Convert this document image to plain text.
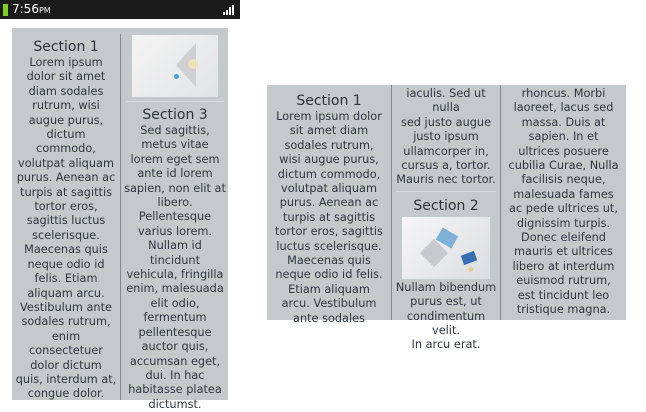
7:56PM
Section 1

Lorem ipsum
dolor sit amet
diam sodales
rutrum, wisi
augue purus,
dictum
commodo,
volutpat aliquam
purus. Aenean ac
turpis at sagittis
tortor eros,
sagittis luctus
scelerisque.
Maecenas quis
neque odio id
felis. Etiam
aliquam arcu.
Vestibulum ante
sodales rutrum,
enim
consectetuer
dolor dictum
quis, interdum at,
congue dolor.

Section 3

Sed sagittis,
metus vitae
lorem eget sem
ante id lorem
sapien, non elit at
libero.
Pellentesque
varius lorem.
Nullam id
tincidunt
vehicula, fringilla
enim, malesuada
elit odio,
fermentum
pellentesque
auctor quis,
accumsan eget,
dui. In hac
habitasse platea
dictumst.

Section 1

Lorem ipsum dolor
sit amet diam
sodales rutrum,
wisi augue purus,
dictum commodo,
volutpat aliquam
purus. Aenean ac
turpis at sagittis
tortor eros, sagittis
luctus scelerisque.
Maecenas quis
neque odio id felis.
Etiam aliquam
arcu. Vestibulum
ante sodales

iaculis. Sed ut nulla
sed justo augue
justo ipsum
ullamcorper in,
cursus a, tortor.
Mauris nec tortor.

Section 2

Nullam bibendum
purus est, ut
condimentum velit.
In arcu erat.

rhoncus. Morbi
laoreet, lacus sed
massa. Duis at
sapien. In et
ultrices posuere
cubilia Curae, Nulla
facilisis neque,
malesuada fames
ac pede ultrices ut,
dignissim turpis.
Donec eleifend
mauris et ultrices
libero at interdum
euismod rutrum,
est tincidunt leo
tristique magna.
